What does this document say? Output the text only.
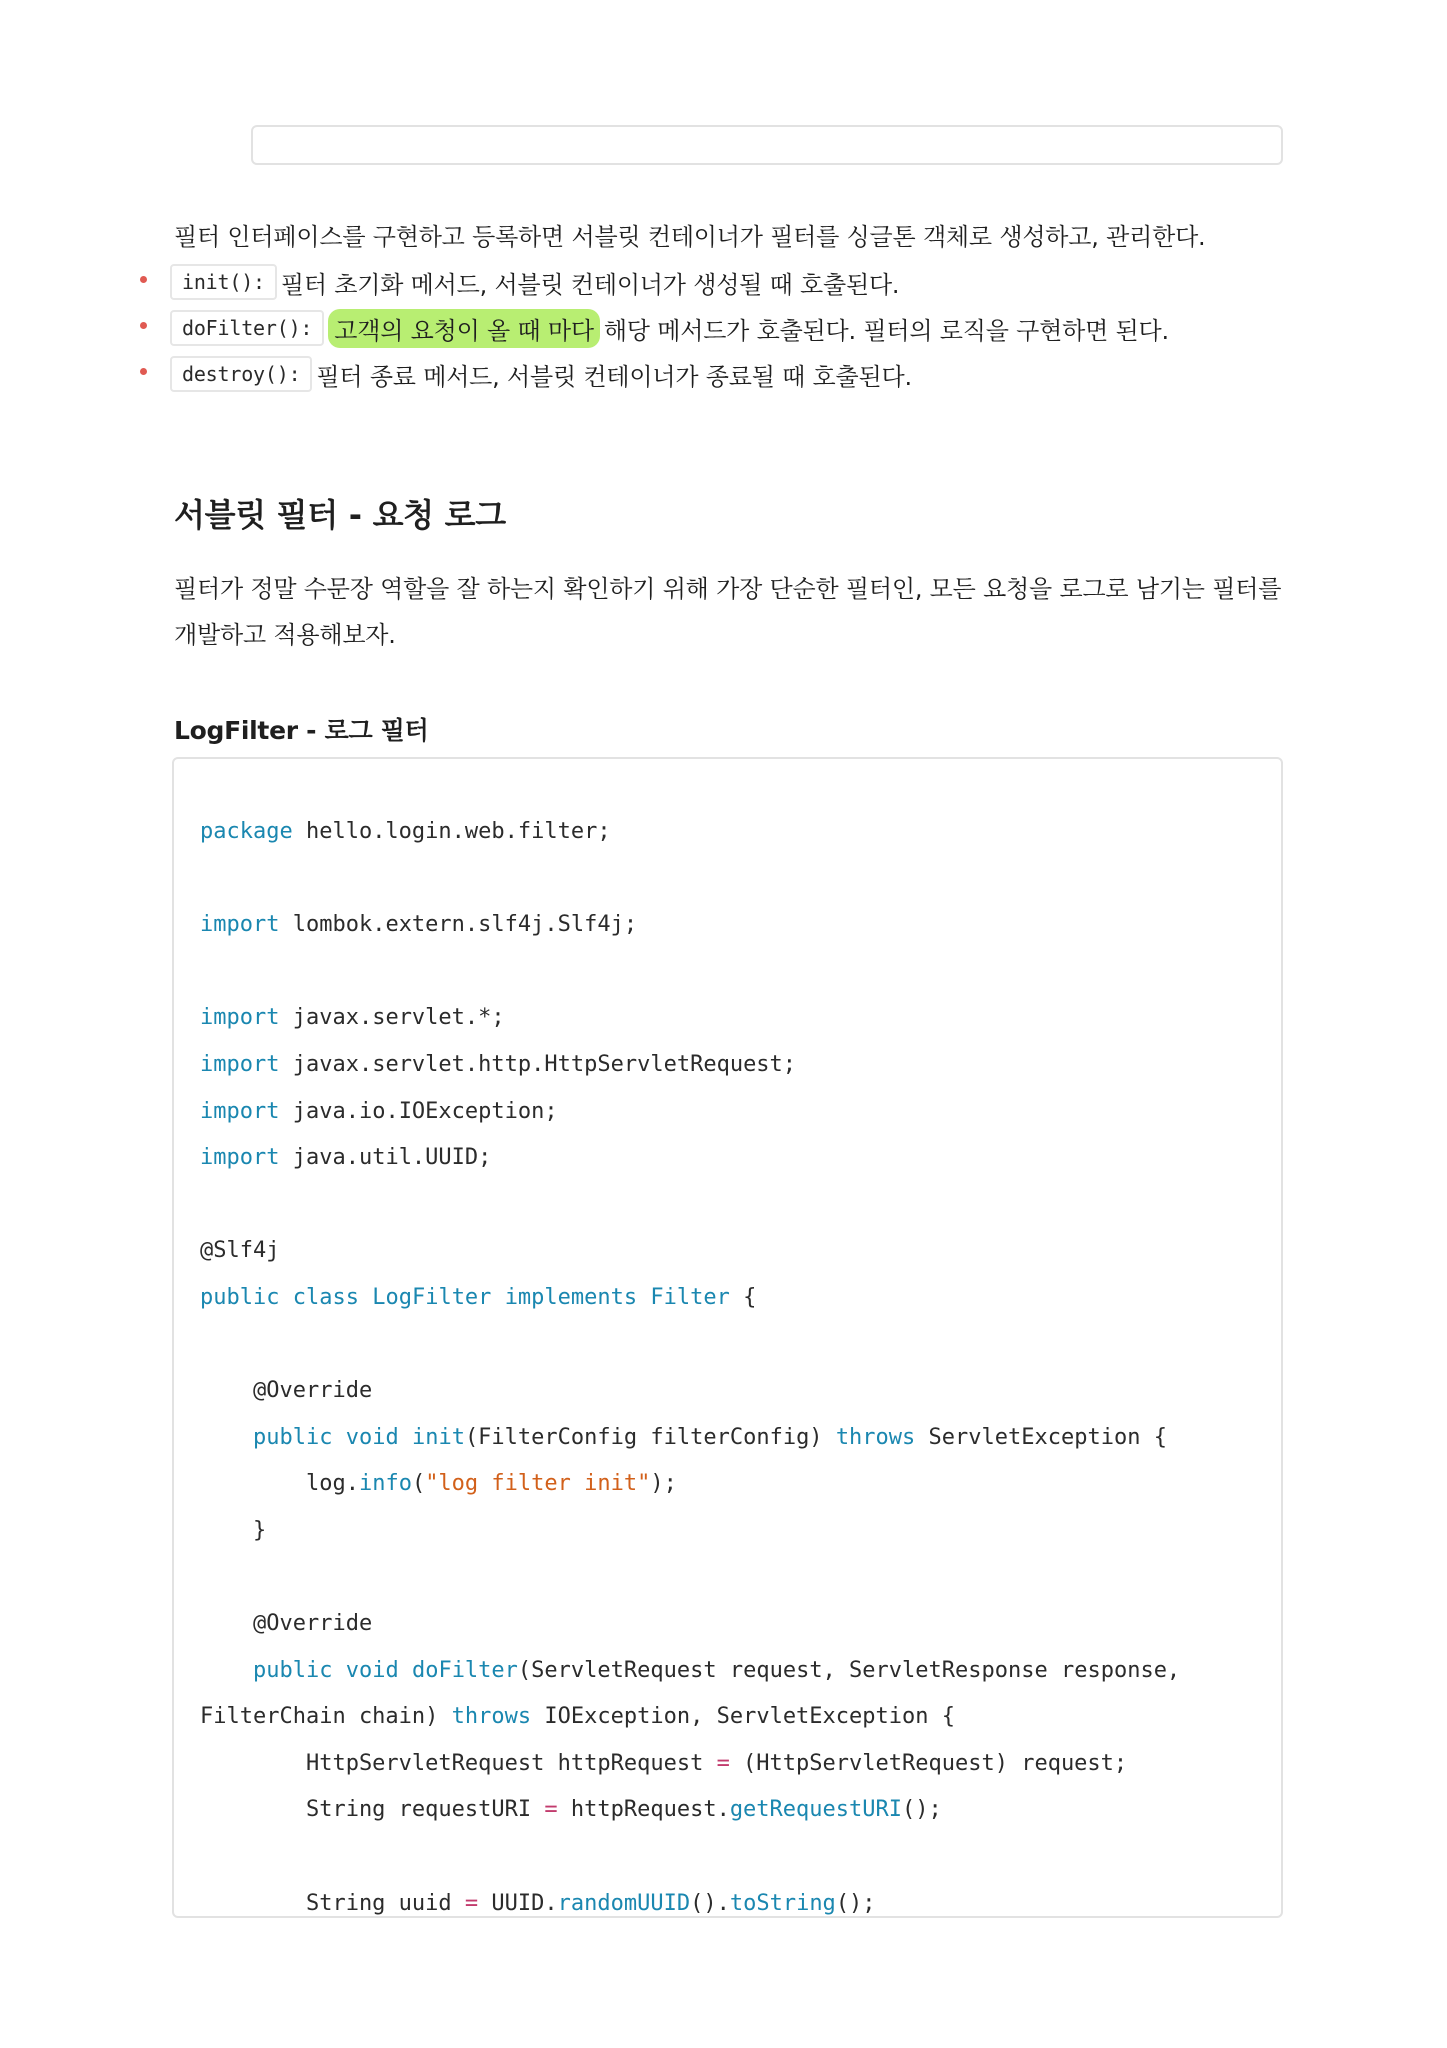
필터 인터페이스를 구현하고 등록하면 서블릿 컨테이너가 필터를 싱글톤 객체로 생성하고, 관리한다.
init(): 필터 초기화 메서드, 서블릿 컨테이너가 생성될 때 호출된다.
doFilter(): 고객의 요청이 올 때 마다 해당 메서드가 호출된다. 필터의 로직을 구현하면 된다.
destroy(): 필터 종료 메서드, 서블릿 컨테이너가 종료될 때 호출된다.
서블릿 필터 - 요청 로그
필터가 정말 수문장 역할을 잘 하는지 확인하기 위해 가장 단순한 필터인, 모든 요청을 로그로 남기는 필터를
개발하고 적용해보자.
LogFilter - 로그 필터
package hello.login.web.filter;

import lombok.extern.slf4j.Slf4j;

import javax.servlet.*;
import javax.servlet.http.HttpServletRequest;
import java.io.IOException;
import java.util.UUID;

@Slf4j
public class LogFilter implements Filter {

@Override
public void init(FilterConfig filterConfig) throws ServletException {
log.info("log filter init");
}

@Override
public void doFilter(ServletRequest request, ServletResponse response,
FilterChain chain) throws IOException, ServletException {
HttpServletRequest httpRequest = (HttpServletRequest) request;
String requestURI = httpRequest.getRequestURI();

String uuid = UUID.randomUUID().toString();
